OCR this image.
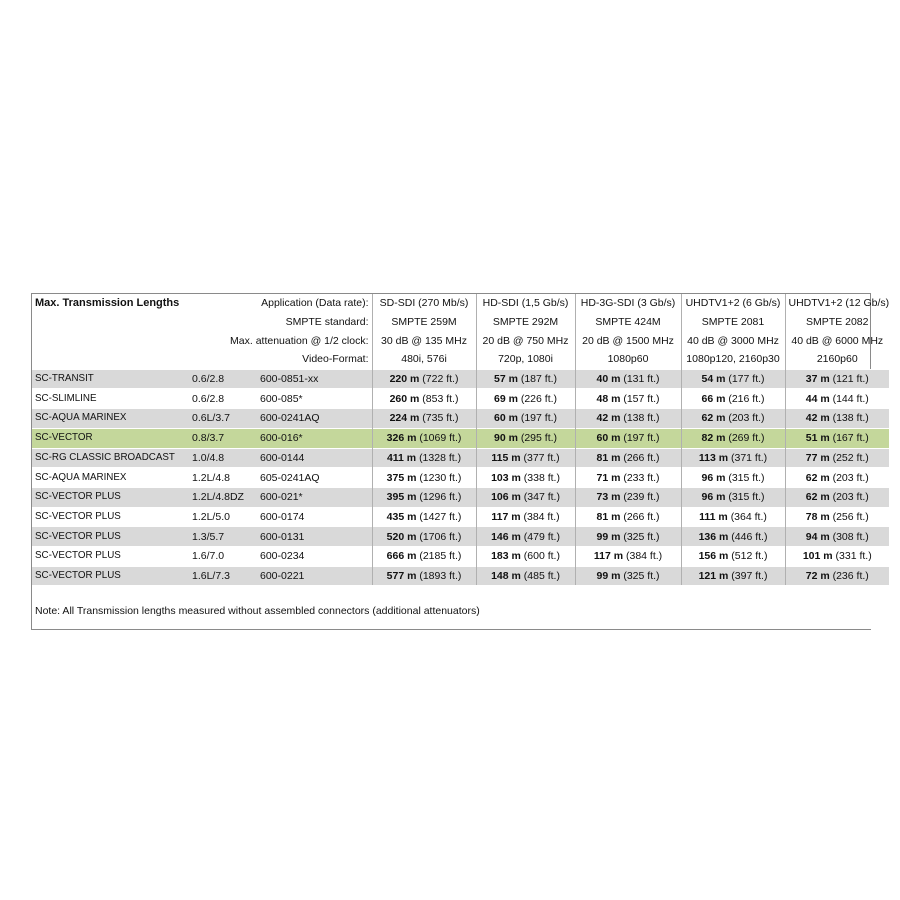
Max. Transmission Lengths	Application (Data rate):		SD-SDI (270 Mb/s)	HD-SDI (1,5 Gb/s)	HD-3G-SDI (3 Gb/s)	UHDTV1+2 (6 Gb/s)	UHDTV1+2 (12 Gb/s)
	SMPTE standard:		SMPTE 259M	SMPTE 292M	SMPTE 424M	SMPTE 2081	SMPTE 2082
	Max. attenuation @ 1/2 clock:		30 dB @ 135 MHz	20 dB @ 750 MHz	20 dB @ 1500 MHz	40 dB @ 3000 MHz	40 dB @ 6000 MHz
	Video-Format:		480i, 576i	720p, 1080i	1080p60	1080p120, 2160p30	2160p60
SC-TRANSIT	0.6/2.8	600-0851-xx	220 m (722 ft.)	57 m (187 ft.)	40 m (131 ft.)	54 m (177 ft.)	37 m (121 ft.)
SC-SLIMLINE	0.6/2.8	600-085*	260 m (853 ft.)	69 m (226 ft.)	48 m (157 ft.)	66 m (216 ft.)	44 m (144 ft.)
SC-AQUA MARINEX	0.6L/3.7	600-0241AQ	224 m (735 ft.)	60 m (197 ft.)	42 m (138 ft.)	62 m (203 ft.)	42 m (138 ft.)
SC-VECTOR	0.8/3.7	600-016*	326 m (1069 ft.)	90 m (295 ft.)	60 m (197 ft.)	82 m (269 ft.)	51 m (167 ft.)
SC-RG CLASSIC BROADCAST	1.0/4.8	600-0144	411 m (1328 ft.)	115 m (377 ft.)	81 m (266 ft.)	113 m (371 ft.)	77 m (252 ft.)
SC-AQUA MARINEX	1.2L/4.8	605-0241AQ	375 m (1230 ft.)	103 m (338 ft.)	71 m (233 ft.)	96 m (315 ft.)	62 m (203 ft.)
SC-VECTOR PLUS	1.2L/4.8DZ	600-021*	395 m (1296 ft.)	106 m (347 ft.)	73 m (239 ft.)	96 m (315 ft.)	62 m (203 ft.)
SC-VECTOR PLUS	1.2L/5.0	600-0174	435 m (1427 ft.)	117 m (384 ft.)	81 m (266 ft.)	111 m (364 ft.)	78 m (256 ft.)
SC-VECTOR PLUS	1.3/5.7	600-0131	520 m (1706 ft.)	146 m (479 ft.)	99 m (325 ft.)	136 m (446 ft.)	94 m (308 ft.)
SC-VECTOR PLUS	1.6/7.0	600-0234	666 m (2185 ft.)	183 m (600 ft.)	117 m (384 ft.)	156 m (512 ft.)	101 m (331 ft.)
SC-VECTOR PLUS	1.6L/7.3	600-0221	577 m (1893 ft.)	148 m (485 ft.)	99 m (325 ft.)	121 m (397 ft.)	72 m (236 ft.)

Note: All Transmission lengths measured without assembled connectors (additional attenuators)							
